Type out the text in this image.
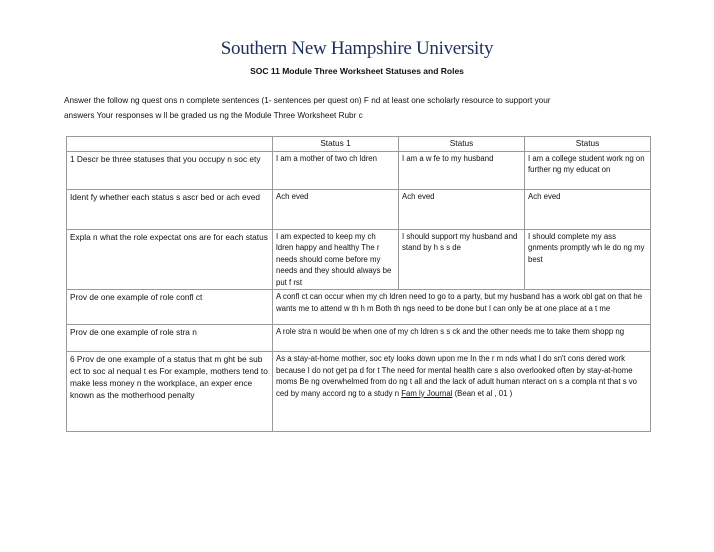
Southern New Hampshire University
SOC 11 Module Three Worksheet Statuses and Roles
Answer the follow ng quest ons n complete sentences (1- sentences per quest on) F nd at least one scholarly resource to support your
answers Your responses w ll be graded us ng the Module Three Worksheet Rubr c
	Status 1	Status	Status
1 Descr be three statuses that you occupy n soc ety	I am a mother of two ch ldren	I am a w fe to my husband	I am a college student work ng on further ng my educat on
Ident fy whether each status s ascr bed or ach eved	Ach eved	Ach eved	Ach eved
Expla n what the role expectat ons are for each status	I am expected to keep my ch ldren happy and healthy The r needs should come before my needs and they should always be put f rst	I should support my husband and stand by h s s de	I should complete my ass gnments promptly wh le do ng my best
Prov de one example of role confl ct	A confl ct can occur when my ch ldren need to go to a party, but my husband has a work obl gat on that he wants me to attend w th h m Both th ngs need to be done but I can only be at one place at a t me		
Prov de one example of role stra n	A role stra n would be when one of my ch ldren s s ck and the other needs me to take them shopp ng		
6 Prov de one example of a status that m ght be sub ect to soc al nequal t es For example, mothers tend to make less money n the workplace, an exper ence known as the motherhood penalty	As a stay-at-home mother, soc ety looks down upon me In the r m nds what I do sn't cons dered work because I do not get pa d for t The need for mental health care s also overlooked often by stay-at-home moms Be ng overwhelmed from do ng t all and the lack of adult human nteract on s a compla nt that s vo ced by many accord ng to a study n Fam ly Journal (Bean et al , 01 )		
